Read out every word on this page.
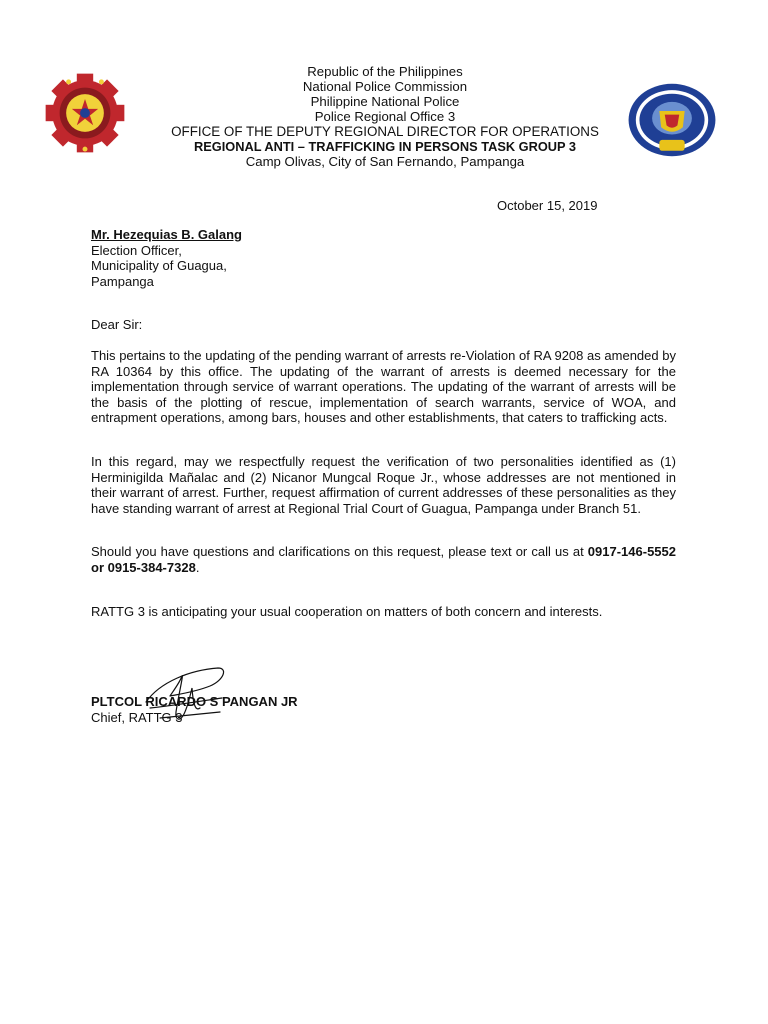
Republic of the Philippines
National Police Commission
Philippine National Police
Police Regional Office 3
OFFICE OF THE DEPUTY REGIONAL DIRECTOR FOR OPERATIONS
REGIONAL ANTI – TRAFFICKING IN PERSONS TASK GROUP 3
Camp Olivas, City of San Fernando, Pampanga
October 15, 2019
Mr. Hezequias B. Galang
Election Officer,
Municipality of Guagua,
Pampanga
Dear Sir:
This pertains to the updating of the pending warrant of arrests re-Violation of RA 9208 as amended by RA 10364 by this office. The updating of the warrant of arrests is deemed necessary for the implementation through service of warrant operations. The updating of the warrant of arrests will be the basis of the plotting of rescue, implementation of search warrants, service of WOA, and entrapment operations, among bars, houses and other establishments, that caters to trafficking acts.
In this regard, may we respectfully request the verification of two personalities identified as (1) Herminigilda Mañalac and (2) Nicanor Mungcal Roque Jr., whose addresses are not mentioned in their warrant of arrest. Further, request affirmation of current addresses of these personalities as they have standing warrant of arrest at Regional Trial Court of Guagua, Pampanga under Branch 51.
Should you have questions and clarifications on this request, please text or call us at 0917-146-5552 or 0915-384-7328.
RATTG 3 is anticipating your usual cooperation on matters of both concern and interests.
PLTCOL RICARDO S PANGAN JR
Chief, RATTG 3
